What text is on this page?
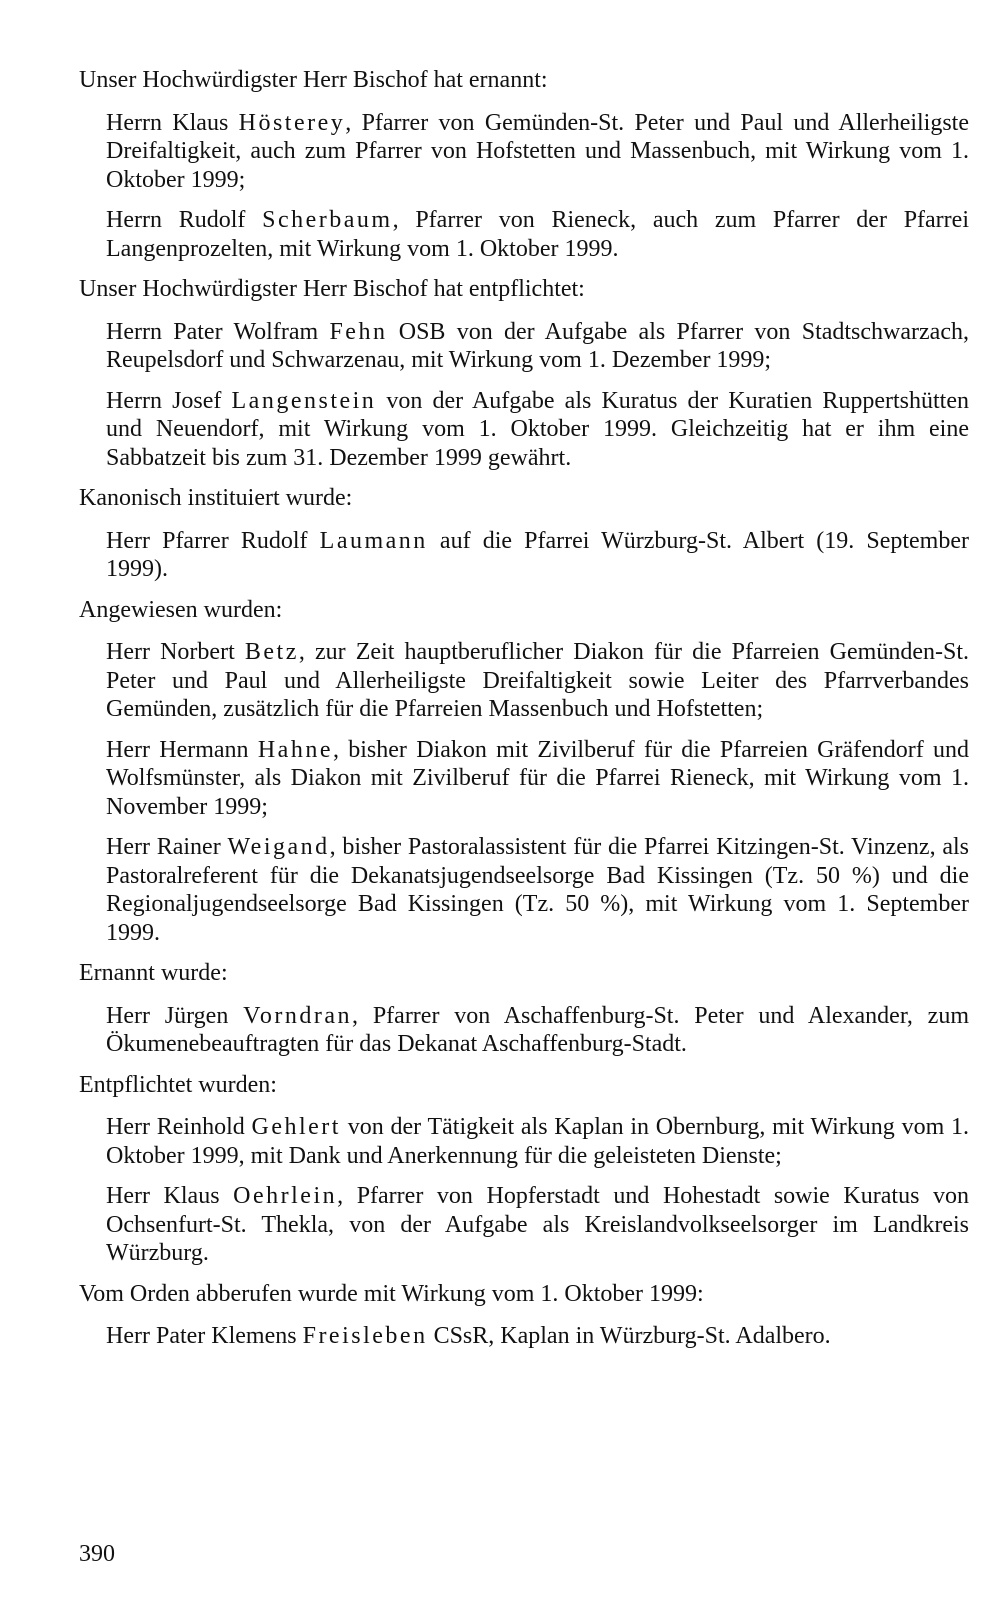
Unser Hochwürdigster Herr Bischof hat ernannt:

Herrn Klaus Hösterey, Pfarrer von Gemünden-St. Peter und Paul und Allerheiligste Dreifaltigkeit, auch zum Pfarrer von Hofstetten und Massenbuch, mit Wirkung vom 1. Oktober 1999;

Herrn Rudolf Scherbaum, Pfarrer von Rieneck, auch zum Pfarrer der Pfarrei Langenprozelten, mit Wirkung vom 1. Oktober 1999.

Unser Hochwürdigster Herr Bischof hat entpflichtet:

Herrn Pater Wolfram Fehn OSB von der Aufgabe als Pfarrer von Stadtschwarzach, Reupelsdorf und Schwarzenau, mit Wirkung vom 1. Dezember 1999;

Herrn Josef Langenstein von der Aufgabe als Kuratus der Kuratien Ruppertshütten und Neuendorf, mit Wirkung vom 1. Oktober 1999. Gleichzeitig hat er ihm eine Sabbatzeit bis zum 31. Dezember 1999 gewährt.

Kanonisch instituiert wurde:

Herr Pfarrer Rudolf Laumann auf die Pfarrei Würzburg-St. Albert (19. September 1999).

Angewiesen wurden:

Herr Norbert Betz, zur Zeit hauptberuflicher Diakon für die Pfarreien Gemünden-St. Peter und Paul und Allerheiligste Dreifaltigkeit sowie Leiter des Pfarrverbandes Gemünden, zusätzlich für die Pfarreien Massenbuch und Hofstetten;

Herr Hermann Hahne, bisher Diakon mit Zivilberuf für die Pfarreien Gräfendorf und Wolfsmünster, als Diakon mit Zivilberuf für die Pfarrei Rieneck, mit Wirkung vom 1. November 1999;

Herr Rainer Weigand, bisher Pastoralassistent für die Pfarrei Kitzingen-St. Vinzenz, als Pastoralreferent für die Dekanatsjugendseelsorge Bad Kissingen (Tz. 50 %) und die Regionaljugendseelsorge Bad Kissingen (Tz. 50 %), mit Wirkung vom 1. September 1999.

Ernannt wurde:

Herr Jürgen Vorndran, Pfarrer von Aschaffenburg-St. Peter und Alexander, zum Ökumenebeauftragten für das Dekanat Aschaffenburg-Stadt.

Entpflichtet wurden:

Herr Reinhold Gehlert von der Tätigkeit als Kaplan in Obernburg, mit Wirkung vom 1. Oktober 1999, mit Dank und Anerkennung für die geleisteten Dienste;

Herr Klaus Oehrlein, Pfarrer von Hopferstadt und Hohestadt sowie Kuratus von Ochsenfurt-St. Thekla, von der Aufgabe als Kreislandvolkseelsorger im Landkreis Würzburg.

Vom Orden abberufen wurde mit Wirkung vom 1. Oktober 1999:

Herr Pater Klemens Freisleben CSsR, Kaplan in Würzburg-St. Adalbero.

390
